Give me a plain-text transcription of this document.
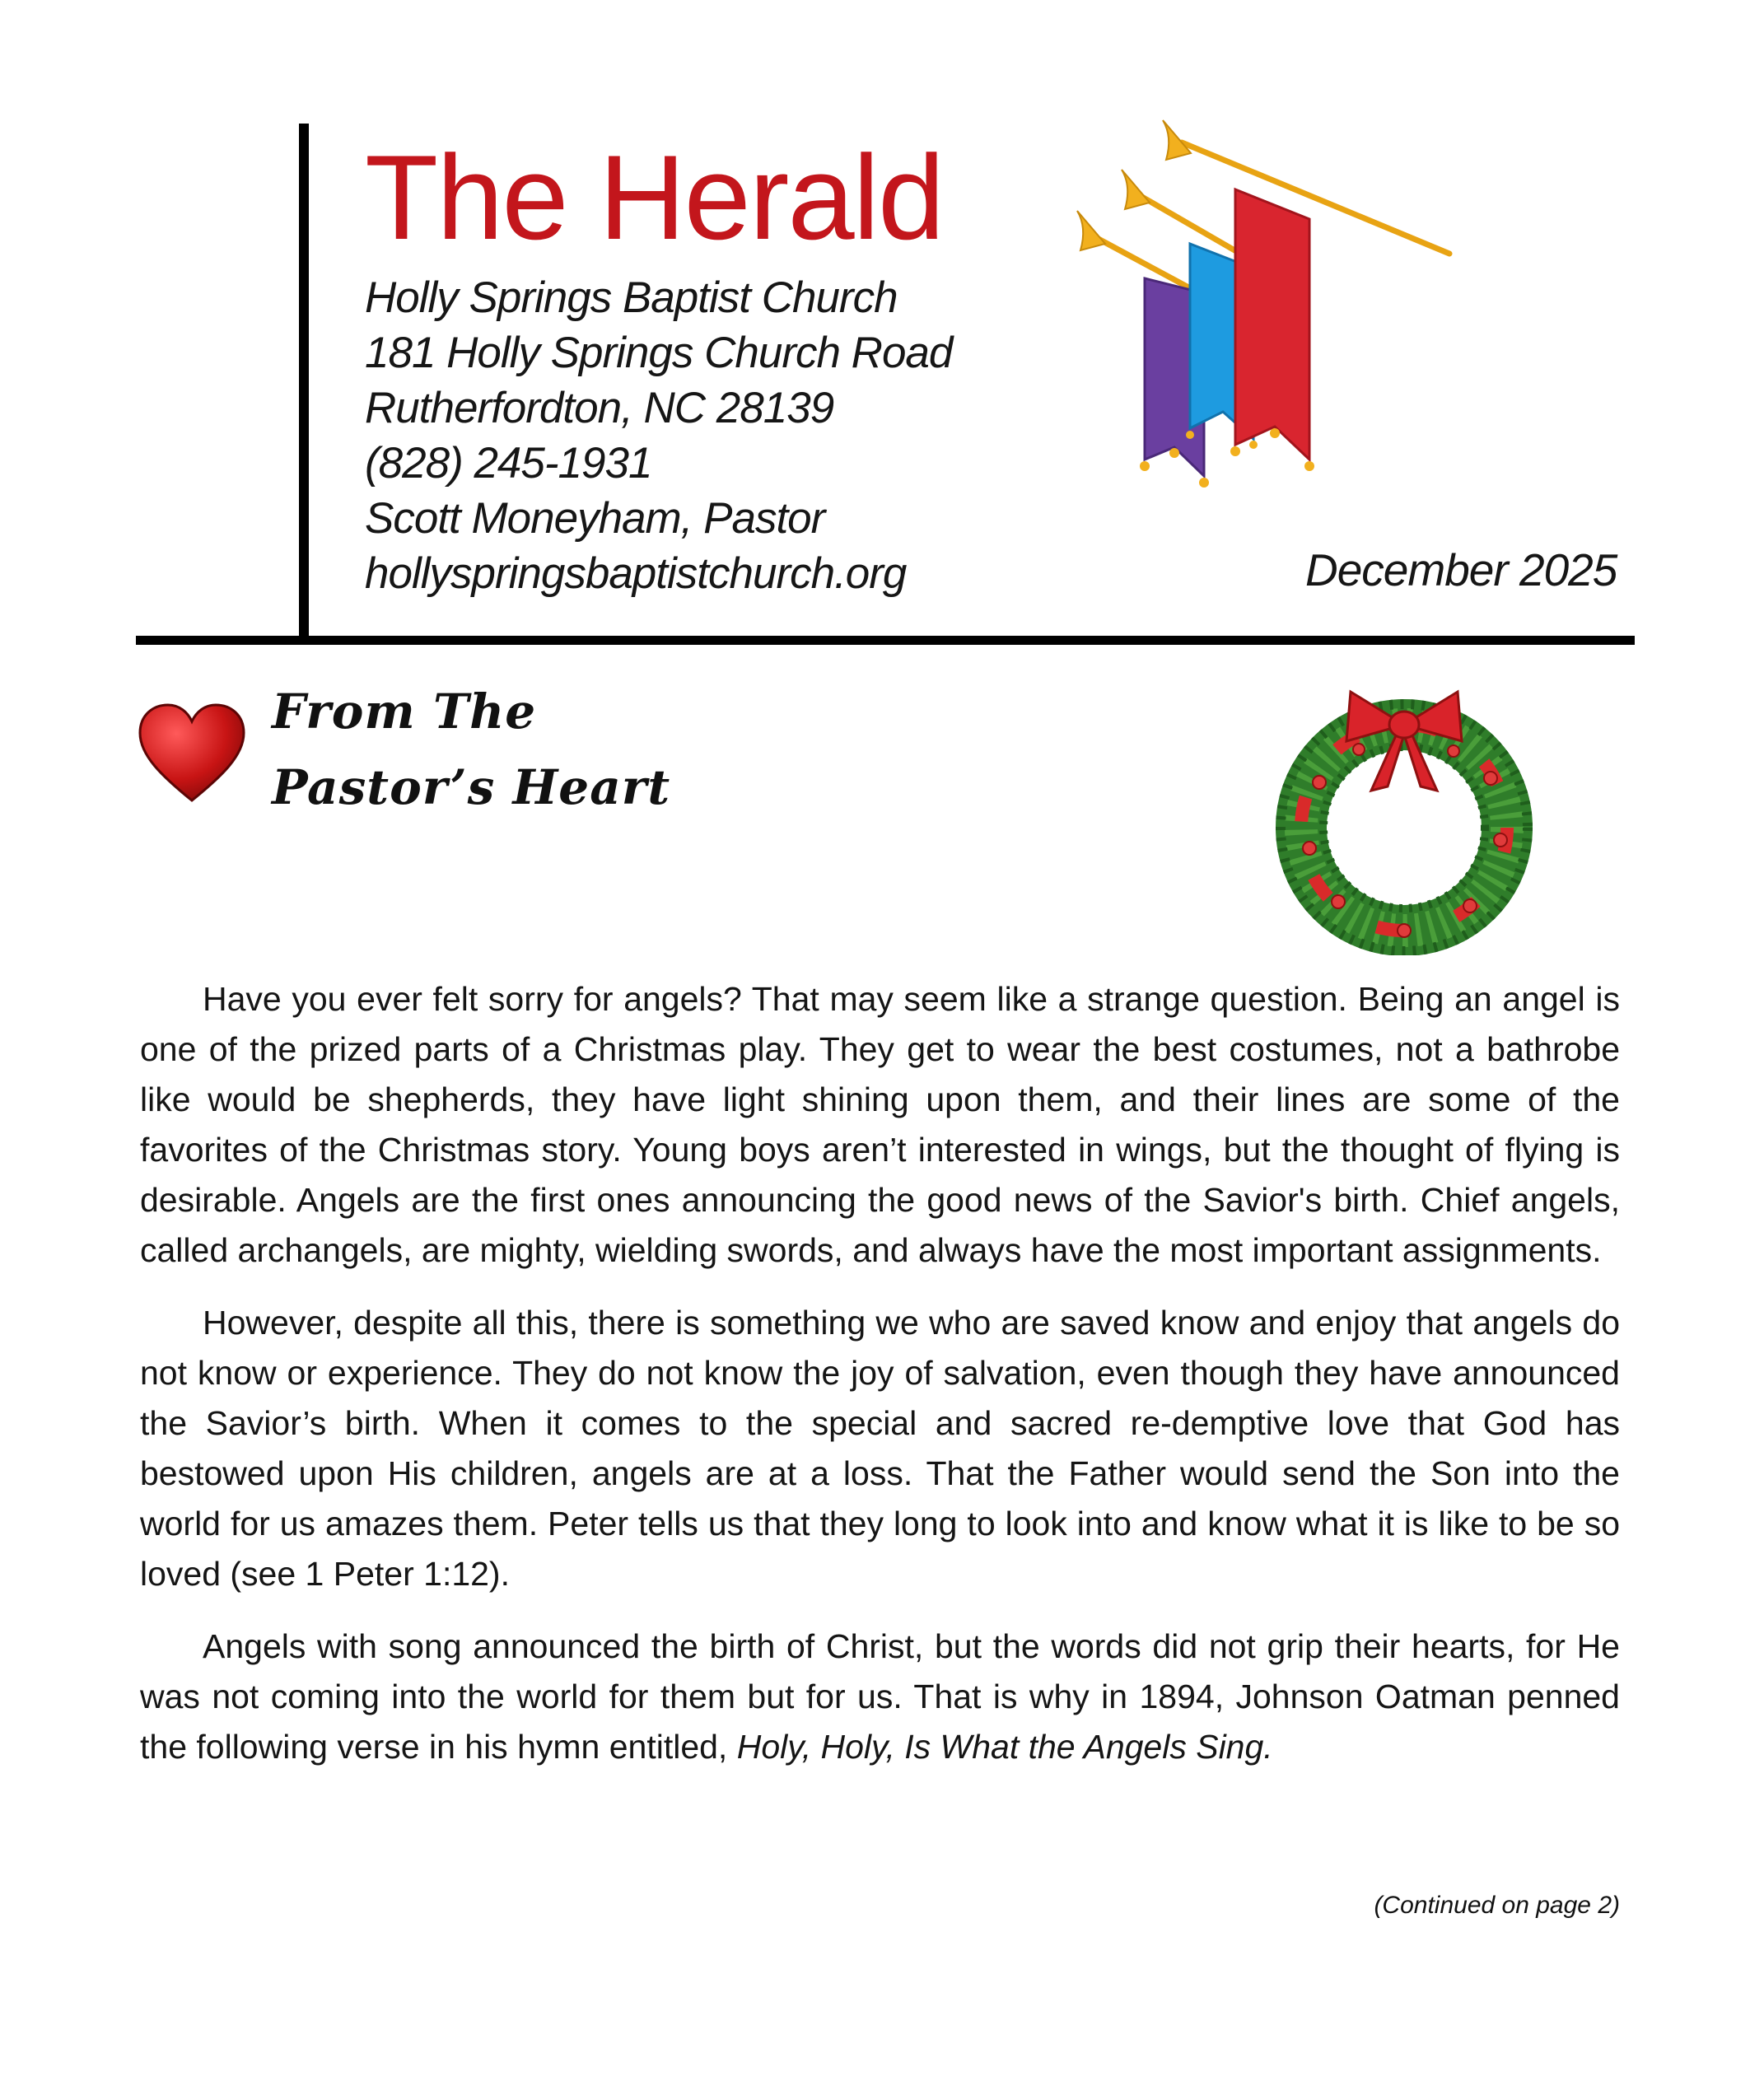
The Herald
Holly Springs Baptist Church
181 Holly Springs Church Road
Rutherfordton, NC 28139
(828) 245-1931
Scott Moneyham, Pastor
hollyspringsbaptistchurch.org	December 2025
From The
Pastor’s Heart

Have you ever felt sorry for angels? That may seem like a strange question. Being an angel is one of the prized parts of a Christmas play. They get to wear the best costumes, not a bathrobe like would be shepherds, they have light shining upon them, and their lines are some of the favorites of the Christmas story. Young boys aren’t interested in wings, but the thought of flying is desirable. Angels are the first ones announcing the good news of the Savior's birth. Chief angels, called archangels, are mighty, wielding swords, and always have the most important assignments.

However, despite all this, there is something we who are saved know and enjoy that angels do not know or experience. They do not know the joy of salvation, even though they have announced the Savior’s birth. When it comes to the special and sacred re-demptive love that God has bestowed upon His children, angels are at a loss. That the Father would send the Son into the world for us amazes them. Peter tells us that they long to look into and know what it is like to be so loved (see 1 Peter 1:12).

Angels with song announced the birth of Christ, but the words did not grip their hearts, for He was not coming into the world for them but for us. That is why in 1894, Johnson Oatman penned the following verse in his hymn entitled, Holy, Holy, Is What the Angels Sing.

(Continued on page 2)
